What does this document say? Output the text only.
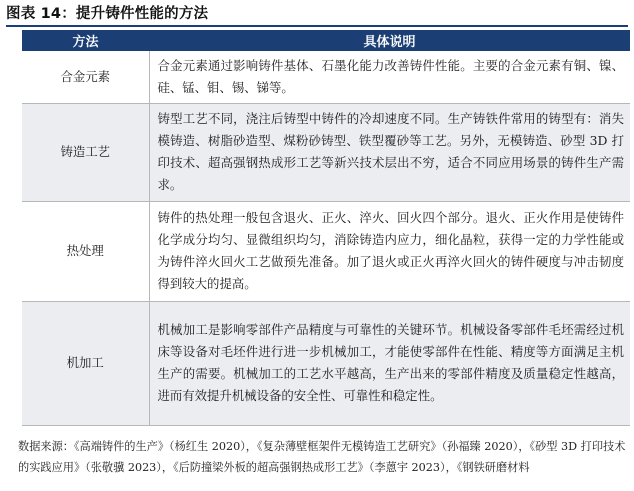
图表 14：提升铸件性能的方法
方法	具体说明
合金元素	合金元素通过影响铸件基体、石墨化能力改善铸件性能。主要的合金元素有铜、镍、硅、锰、钼、锡、锑等。
铸造工艺	铸型工艺不同，浇注后铸型中铸件的冷却速度不同。生产铸铁件常用的铸型有：消失模铸造、树脂砂造型、煤粉砂铸型、铁型覆砂等工艺。另外，无模铸造、砂型 3D 打印技术、超高强钢热成形工艺等新兴技术层出不穷，适合不同应用场景的铸件生产需求。
热处理	铸件的热处理一般包含退火、正火、淬火、回火四个部分。退火、正火作用是使铸件化学成分均匀、显微组织均匀，消除铸造内应力，细化晶粒，获得一定的力学性能或为铸件淬火回火工艺做预先准备。加了退火或正火再淬火回火的铸件硬度与冲击韧度得到较大的提高。
机加工	机械加工是影响零部件产品精度与可靠性的关键环节。机械设备零部件毛坯需经过机床等设备对毛坯件进行进一步机械加工，才能使零部件在性能、精度等方面满足主机生产的需要。机械加工的工艺水平越高，生产出来的零部件精度及质量稳定性越高，进而有效提升机械设备的安全性、可靠性和稳定性。
数据来源：《高端铸件的生产》（杨红生 2020），《复杂薄壁框架件无模铸造工艺研究》（孙福臻 2020），《砂型 3D 打印技术的实践应用》（张敬骥 2023），《后防撞梁外板的超高强钢热成形工艺》（李蒽宇 2023），《钢铁研磨材料
